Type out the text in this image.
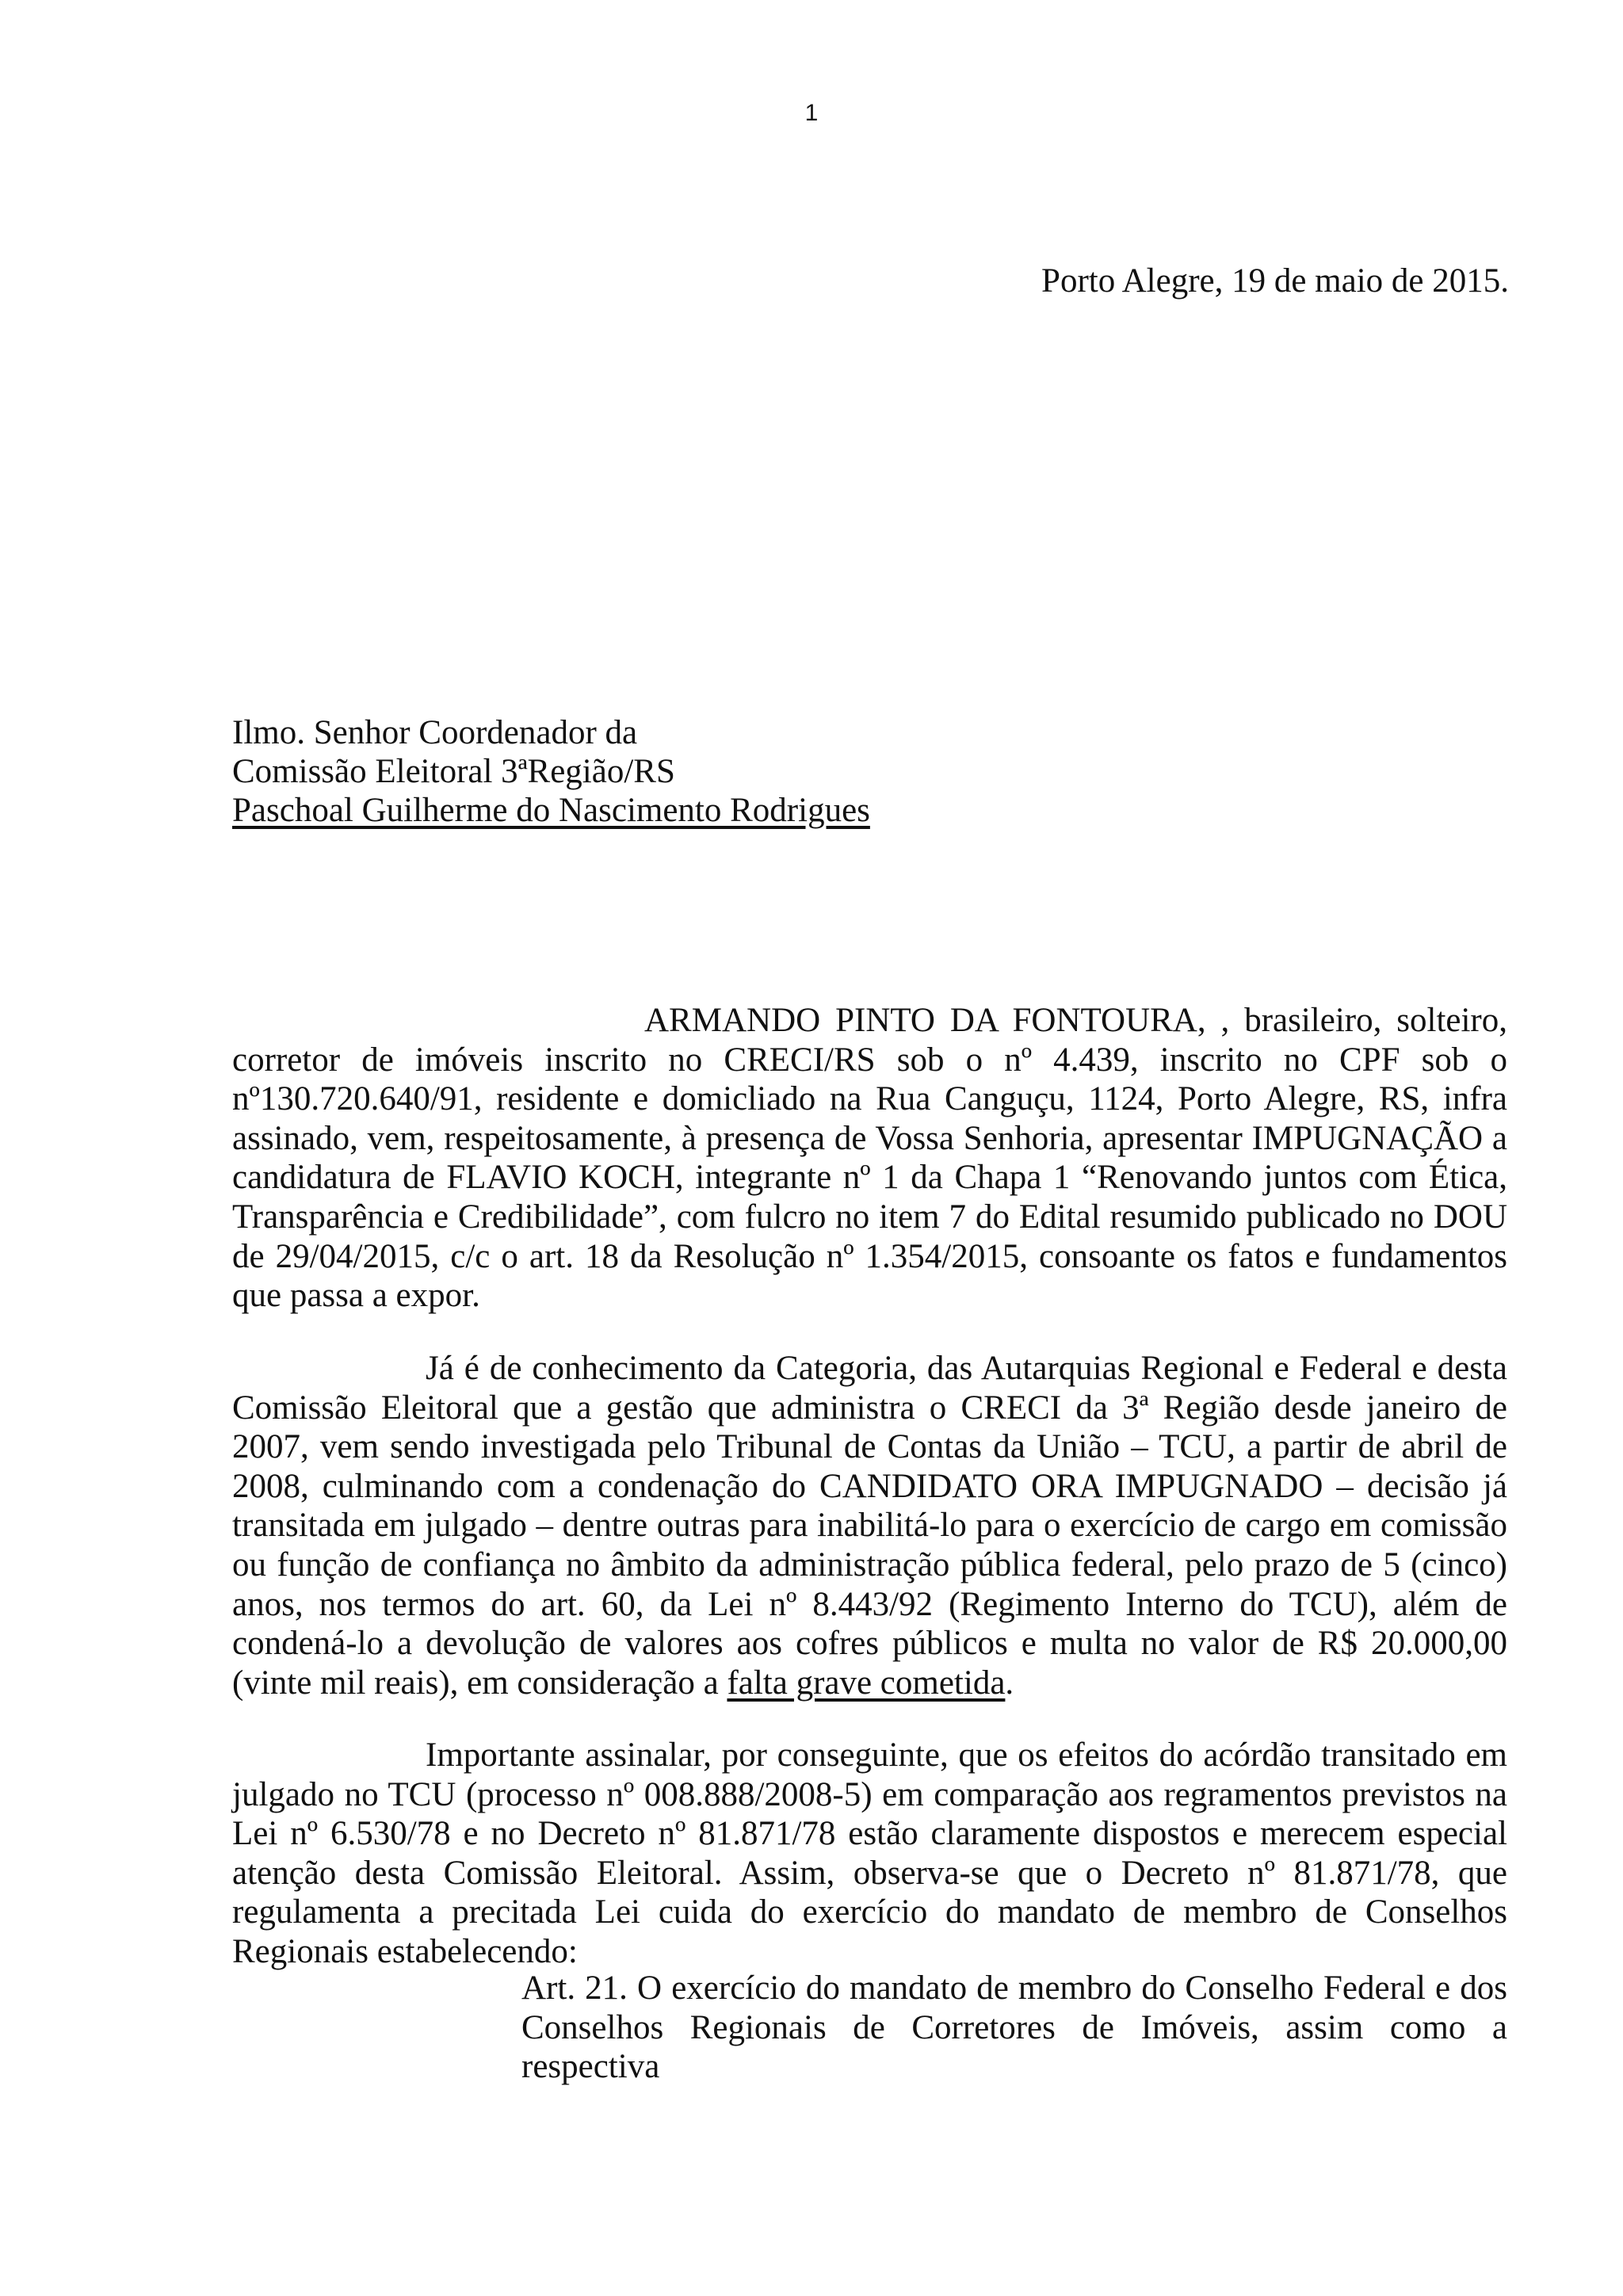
1
Porto Alegre, 19 de maio de 2015.
Ilmo. Senhor Coordenador da
Comissão Eleitoral 3ªRegião/RS
Paschoal Guilherme do Nascimento Rodrigues
ARMANDO PINTO DA FONTOURA, , brasileiro, solteiro, corretor de imóveis inscrito no CRECI/RS sob o nº 4.439, inscrito no CPF sob o nº130.720.640/91, residente e domicliado na Rua Canguçu, 1124, Porto Alegre, RS, infra assinado, vem, respeitosamente, à presença de Vossa Senhoria, apresentar IMPUGNAÇÃO a candidatura de FLAVIO KOCH, integrante nº 1 da Chapa 1 “Renovando juntos com Ética, Transparência e Credibilidade”, com fulcro no item 7 do Edital resumido publicado no DOU de 29/04/2015, c/c o art. 18 da Resolução nº 1.354/2015, consoante os fatos e fundamentos que passa a expor.
Já é de conhecimento da Categoria, das Autarquias Regional e Federal e desta Comissão Eleitoral que a gestão que administra o CRECI da 3ª Região desde janeiro de 2007, vem sendo investigada pelo Tribunal de Contas da União – TCU, a partir de abril de 2008, culminando com a condenação do CANDIDATO ORA IMPUGNADO – decisão já transitada em julgado – dentre outras para inabilitá-lo para o exercício de cargo em comissão ou função de confiança no âmbito da administração pública federal, pelo prazo de 5 (cinco) anos, nos termos do art. 60, da Lei nº 8.443/92 (Regimento Interno do TCU), além de condená-lo a devolução de valores aos cofres públicos e multa no valor de R$ 20.000,00 (vinte mil reais), em consideração a falta grave cometida.
Importante assinalar, por conseguinte, que os efeitos do acórdão transitado em julgado no TCU (processo nº 008.888/2008-5) em comparação aos regramentos previstos na Lei nº 6.530/78 e no Decreto nº 81.871/78 estão claramente dispostos e merecem especial atenção desta Comissão Eleitoral. Assim, observa-se que o Decreto nº 81.871/78, que regulamenta a precitada Lei cuida do exercício do mandato de membro de Conselhos Regionais estabelecendo:
Art. 21. O exercício do mandato de membro do Conselho Federal e dos Conselhos Regionais de Corretores de Imóveis, assim como a respectiva
